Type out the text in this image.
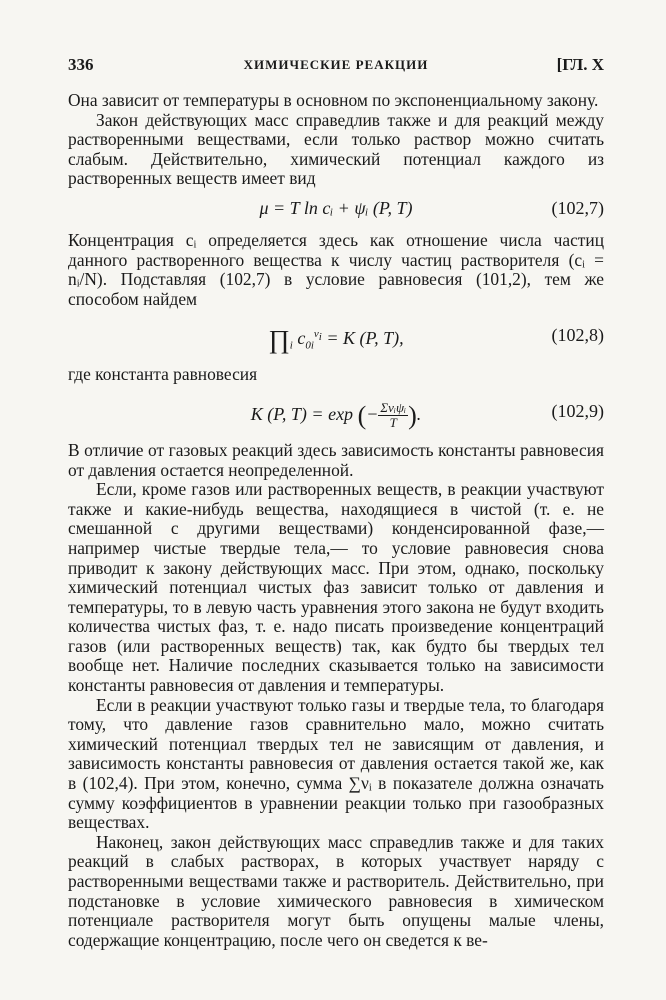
336	ХИМИЧЕСКИЕ РЕАКЦИИ	[ГЛ. X

Она зависит от температуры в основном по экспоненциальному закону.

Закон действующих масс справедлив также и для реакций между растворенными веществами, если только раствор можно считать слабым. Действительно, химический потенциал каждого из растворенных веществ имеет вид

μ = T ln cᵢ + ψᵢ (P, T)	(102,7)

Концентрация cᵢ определяется здесь как отношение числа частиц данного растворенного вещества к числу частиц растворителя (cᵢ = nᵢ/N). Подставляя (102,7) в условие равновесия (101,2), тем же способом найдем

$\prod_i$ $c_{0i}^{\nu_i} = K$ (P, T),	(102,8)

где константа равновесия

K (P, T) = exp (− $\frac{\text{Σνᵢψᵢ}}{T}$ ).	(102,9)

В отличие от газовых реакций здесь зависимость константы равновесия от давления остается неопределенной.

Если, кроме газов или растворенных веществ, в реакции участвуют также и какие-нибудь вещества, находящиеся в чистой (т. е. не смешанной с другими веществами) конденсированной фазе,— например чистые твердые тела,— то условие равновесия снова приводит к закону действующих масс. При этом, однако, поскольку химический потенциал чистых фаз зависит только от давления и температуры, то в левую часть уравнения этого закона не будут входить количества чистых фаз, т. е. надо писать произведение концентраций газов (или растворенных веществ) так, как будто бы твердых тел вообще нет. Наличие последних сказывается только на зависимости константы равновесия от давления и температуры.

Если в реакции участвуют только газы и твердые тела, то благодаря тому, что давление газов сравнительно мало, можно считать химический потенциал твердых тел не зависящим от давления, и зависимость константы равновесия от давления остается такой же, как в (102,4). При этом, конечно, сумма ∑νᵢ в показателе должна означать сумму коэффициентов в уравнении реакции только при газообразных веществах.

Наконец, закон действующих масс справедлив также и для таких реакций в слабых растворах, в которых участвует наряду с растворенными веществами также и растворитель. Действительно, при подстановке в условие химического равновесия в химическом потенциале растворителя могут быть опущены малые члены, содержащие концентрацию, после чего он сведется к ве-
